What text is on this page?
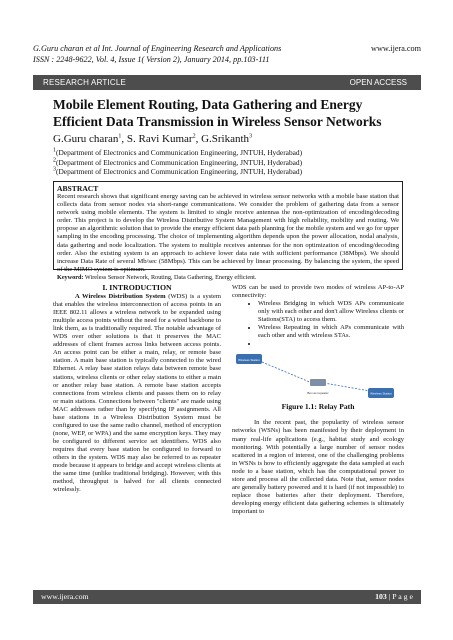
G.Guru charan et al Int. Journal of Engineering Research and Applications
ISSN : 2248-9622, Vol. 4, Issue 1( Version 2), January 2014, pp.103-111
www.ijera.com
RESEARCH ARTICLE	OPEN ACCESS
Mobile Element Routing, Data Gathering and Energy Efficient Data Transmission in Wireless Sensor Networks
G.Guru charan$^1$, S. Ravi Kumar$^2$, G.Srikanth$^3$
$^1$(Department of Electronics and Communication Engineering, JNTUH, Hyderabad)
$^2$(Department of Electronics and Communication Engineering, JNTUH, Hyderabad)
$^3$(Department of Electronics and Communication Engineering, JNTUH, Hyderabad)
ABSTRACT
Recent research shows that significant energy saving can be achieved in wireless sensor networks with a mobile base station that collects data from sensor nodes via short-range communications. We consider the problem of gathering data from a sensor network using mobile elements. The system is limited to single receive antennas the non-optimization of encoding/decoding order. This project is to develop the Wireless Distributive System Management with high reliability, mobility and routing. We propose an algorithmic solution that to provide the energy efficient data path planning for the mobile system and we go for upper sampling in the encoding processing. The choice of implementing algorithm depends upon the power allocation, nodal analysis, data gathering and node localization. The system to multiple receives antennas for the non optimization of encoding/decoding order. Also the existing system is an approach to achieve lower data rate with sufficient performance (38Mbps). We should increase Data Rate of several Mb/sec (58Mbps). This can be achieved by linear processing. By balancing the system, the speed of the MIMO system is optimum.
Keyword: Wireless Sensor Network, Routing, Data Gathering, Energy efficient.
I. INTRODUCTION

A Wireless Distribution System (WDS) is a system that enables the wireless interconnection of access points in an IEEE 802.11 allows a wireless network to be expanded using multiple access points without the need for a wired backbone to link them, as is traditionally required. The notable advantage of WDS over other solutions is that it preserves the MAC addresses of client frames across links between access points. An access point can be either a main, relay, or remote base station. A main base station is typically connected to the wired Ethernet. A relay base station relays data between remote base stations, wireless clients or other relay stations to either a main or another relay base station. A remote base station accepts connections from wireless clients and passes them on to relay or main stations. Connections between "clients" are made using MAC addresses rather than by specifying IP assignments. All base stations in a Wireless Distribution System must be configured to use the same radio channel, method of encryption (none, WEP, or WPA) and the same encryption keys. They may be configured to different service set identifiers. WDS also requires that every base station be configured to forward to others in the system. WDS may also be referred to as repeater mode because it appears to bridge and accept wireless clients at the same time (unlike traditional bridging). However, with this method, throughput is halved for all clients connected wirelessly.

WDS can be used to provide two modes of wireless AP-to-AP connectivity:
• Wireless Bridging in which WDS APs communicate only with each other and don't allow Wireless clients or Stations(STA) to access them.
• Wireless Repeating in which APs communicate with each other and with wireless STAs.
•
Wireless Station
Box as repeater	Wireless Station
Figure 1.1: Relay Path

In the recent past, the popularity of wireless sensor networks (WSNs) has been manifested by their deployment in many real-life applications (e.g., habitat study and ecology monitoring. With potentially a large number of sensor nodes scattered in a region of interest, one of the challenging problems in WSNs is how to efficiently aggregate the data sampled at each node to a base station, which has the computational power to store and process all the collected data. Note that, sensor nodes are generally battery powered and it is hard (if not impossible) to replace those batteries after their deployment. Therefore, developing energy efficient data gathering schemes is ultimately important to

www.ijera.com	103 | P a g e
